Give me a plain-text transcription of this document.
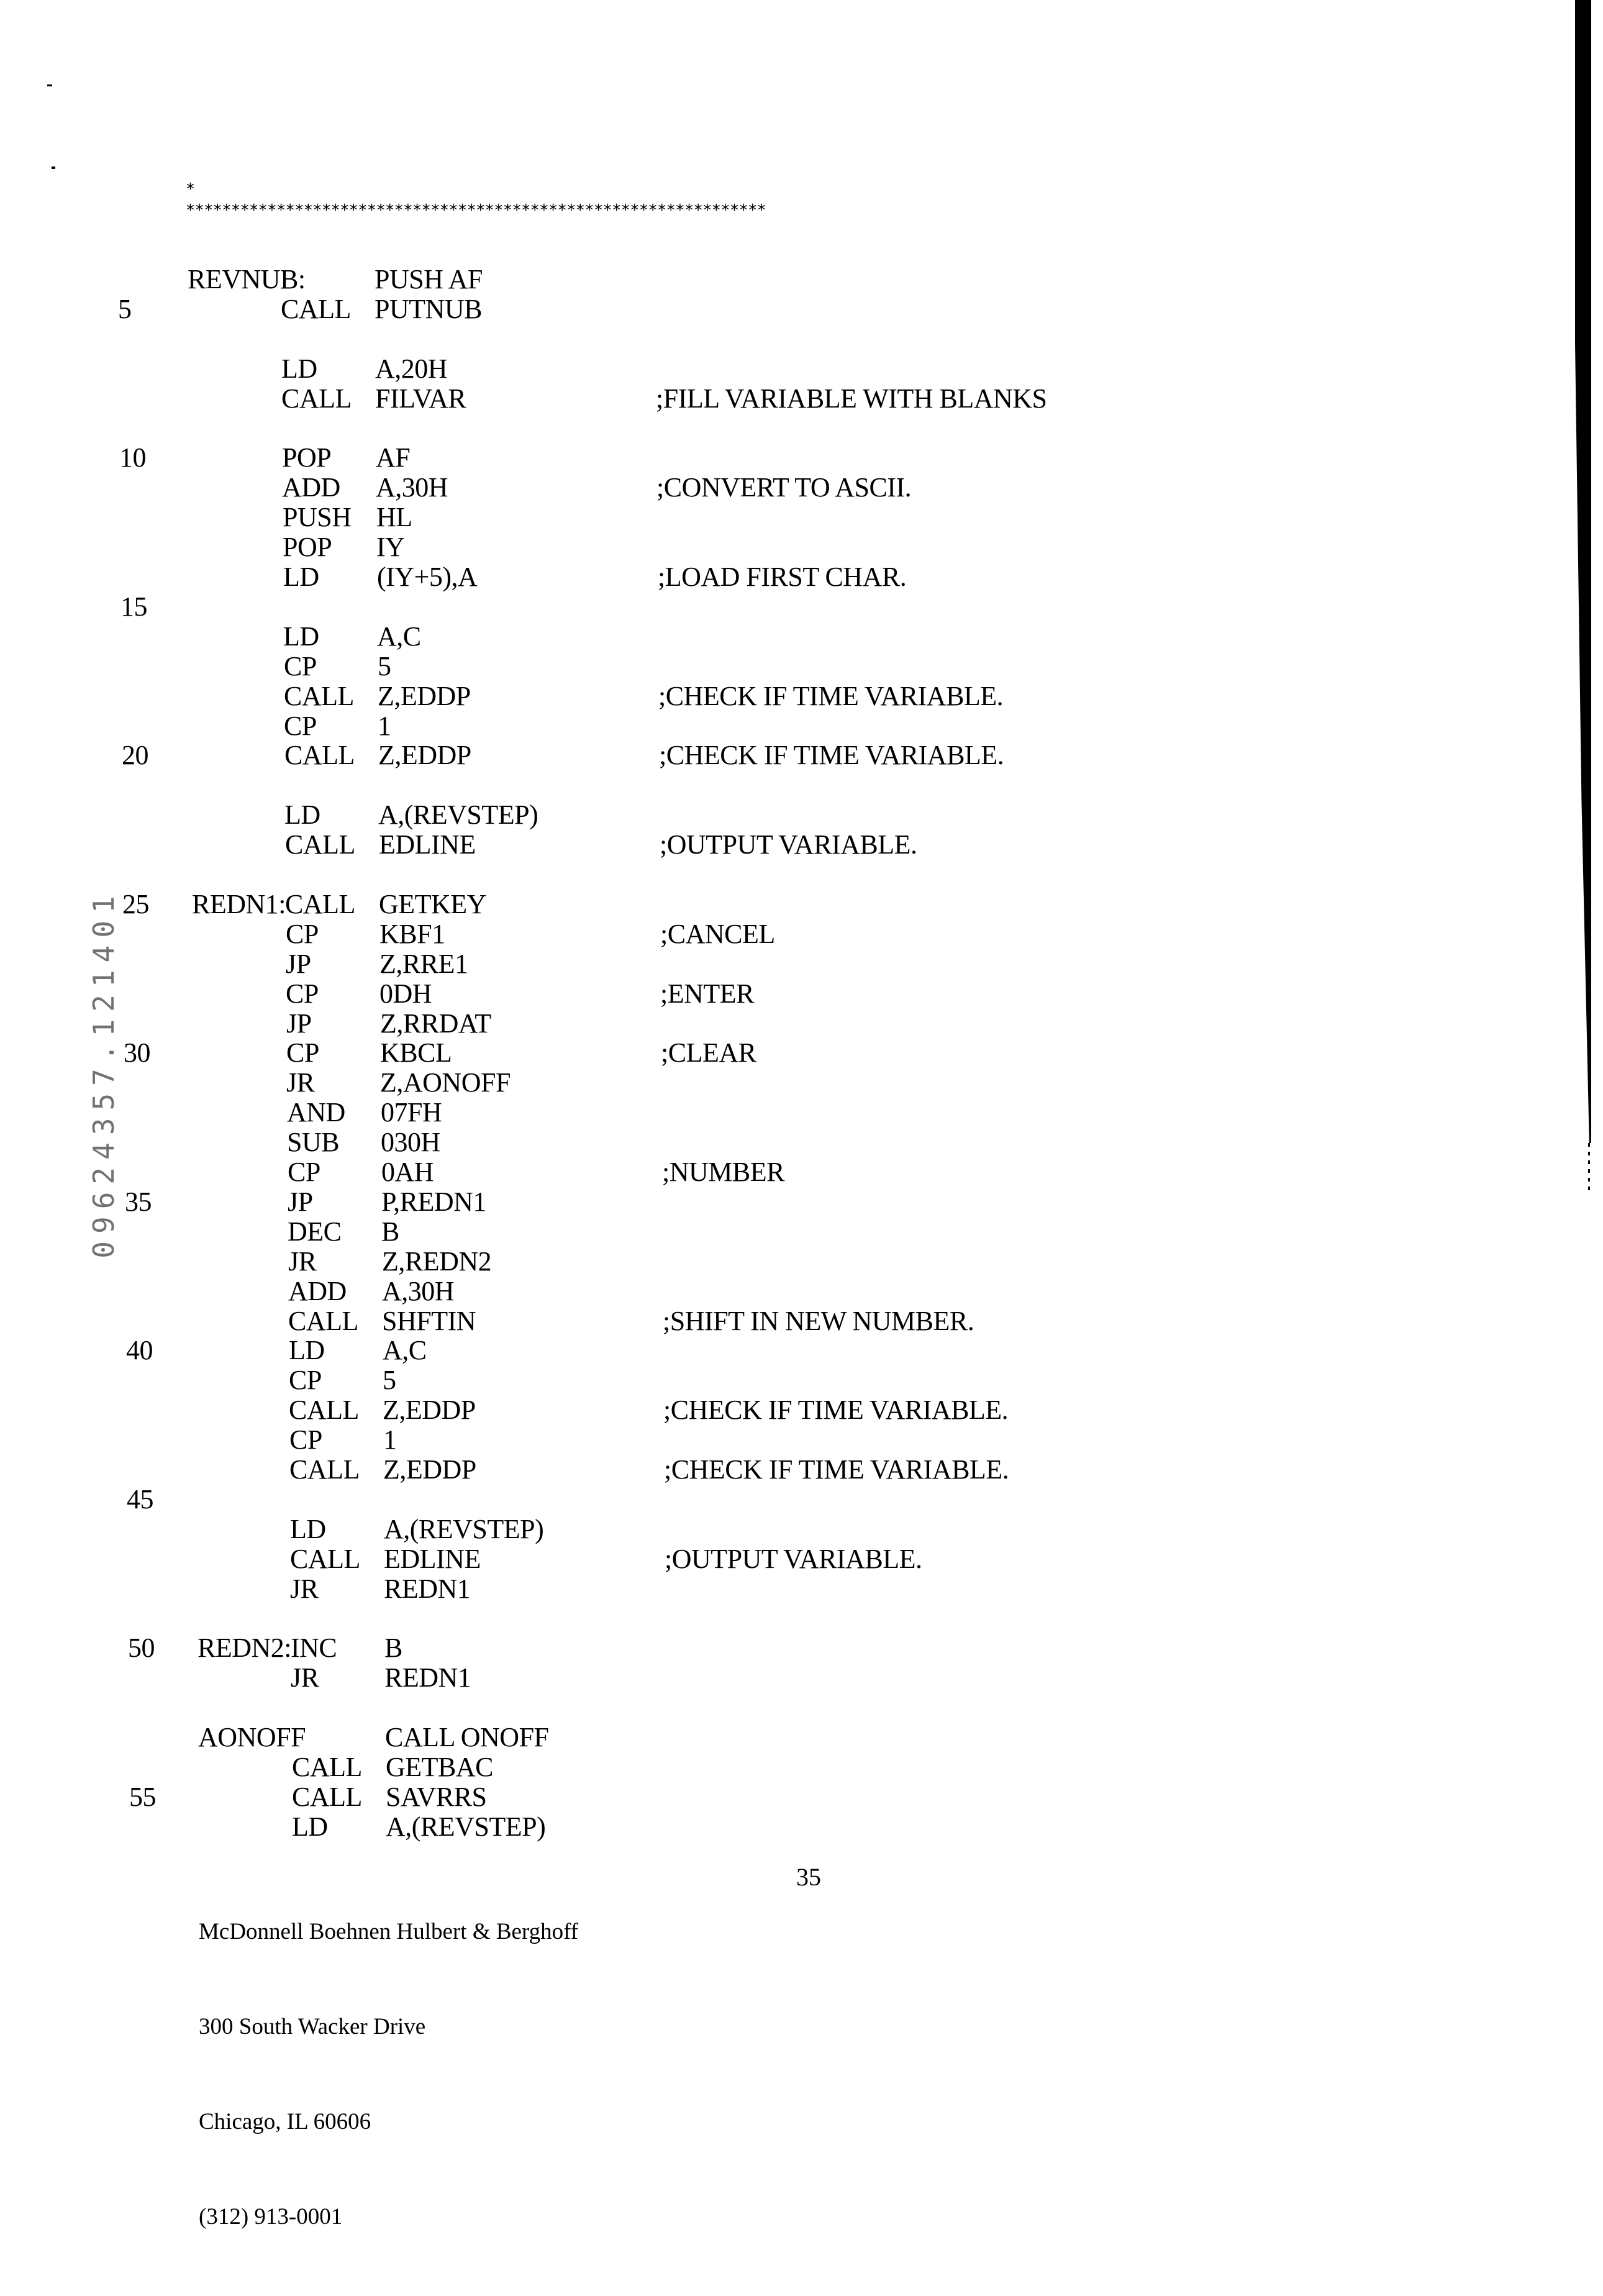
09624357.121401
*
****************************************************************
REVNUB:	PUSH AF
5	CALL PUTNUB
LD A,20H
CALL FILVAR	;FILL VARIABLE WITH BLANKS
10	POP AF
ADD A,30H	;CONVERT TO ASCII.
PUSH HL
POP IY
LD (IY+5),A	;LOAD FIRST CHAR.
15
LD A,C
CP 5
CALL Z,EDDP	;CHECK IF TIME VARIABLE.
CP 1
20	CALL Z,EDDP	;CHECK IF TIME VARIABLE.
LD A,(REVSTEP)
CALL EDLINE	;OUTPUT VARIABLE.
25	REDN1: CALL GETKEY
CP KBF1	;CANCEL
JP	Z,RRE1
CP 0DH	;ENTER
JP	Z,RRDAT
30	CP KBCL	;CLEAR
JR Z,AONOFF
AND 07FH
SUB 030H
CP 0AH	;NUMBER
35	JP	P,REDN1
DEC B
JR Z,REDN2
ADD A,30H
CALL SHFTIN	;SHIFT IN NEW NUMBER.
40	LD A,C
CP 5
CALL Z,EDDP	;CHECK IF TIME VARIABLE.
CP 1
CALL Z,EDDP	;CHECK IF TIME VARIABLE.
45
LD A,(REVSTEP)
CALL EDLINE	;OUTPUT VARIABLE.
JR REDN1
50	REDN2: INC B
JR REDN1
AONOFF	CALL ONOFF
CALL GETBAC
55	CALL SAVRRS
LD A,(REVSTEP)

McDonnell Boehnen Hulbert & Berghoff

300 South Wacker Drive

Chicago, IL 60606

(312) 913-0001

35
